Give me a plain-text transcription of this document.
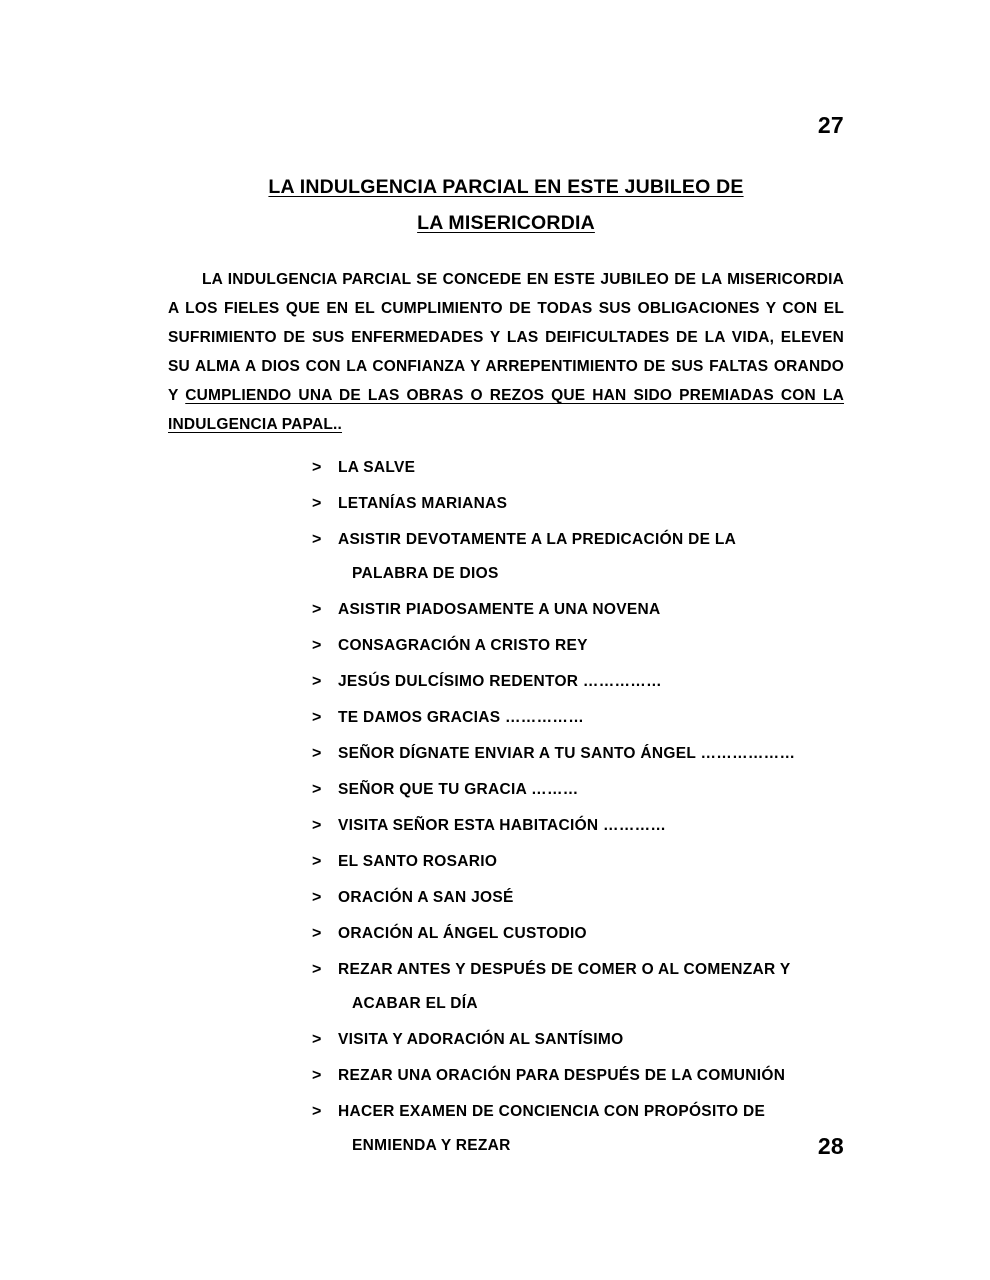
27
LA INDULGENCIA PARCIAL EN ESTE JUBILEO DE
LA MISERICORDIA
LA INDULGENCIA PARCIAL SE CONCEDE EN ESTE JUBILEO DE LA MISERICORDIA A LOS FIELES QUE EN EL CUMPLIMIENTO DE TODAS SUS OBLIGACIONES Y CON EL SUFRIMIENTO DE SUS ENFERMEDADES Y LAS DEIFICULTADES DE LA VIDA, ELEVEN SU ALMA A DIOS CON LA CONFIANZA Y ARREPENTIMIENTO DE SUS FALTAS ORANDO Y CUMPLIENDO UNA DE LAS OBRAS O REZOS QUE HAN SIDO PREMIADAS CON LA INDULGENCIA PAPAL..
>	LA SALVE
>	LETANÍAS MARIANAS
>	ASISTIR DEVOTAMENTE A LA PREDICACIÓN DE LA
PALABRA DE DIOS
>	ASISTIR PIADOSAMENTE A UNA NOVENA
>	CONSAGRACIÓN A CRISTO REY
>	JESÚS DULCÍSIMO REDENTOR ……………
>	TE DAMOS GRACIAS ……………
>	SEÑOR DÍGNATE ENVIAR A TU SANTO ÁNGEL ………………
>	SEÑOR QUE TU GRACIA ………
>	VISITA SEÑOR ESTA HABITACIÓN …………
>	EL SANTO ROSARIO
>	ORACIÓN A SAN JOSÉ
>	ORACIÓN AL ÁNGEL CUSTODIO
>	REZAR ANTES Y DESPUÉS DE COMER O AL COMENZAR Y
ACABAR EL DÍA
>	VISITA Y ADORACIÓN AL SANTÍSIMO
>	REZAR UNA ORACIÓN PARA DESPUÉS DE LA COMUNIÓN
>	HACER EXAMEN DE CONCIENCIA CON PROPÓSITO DE
ENMIENDA Y REZAR	28
